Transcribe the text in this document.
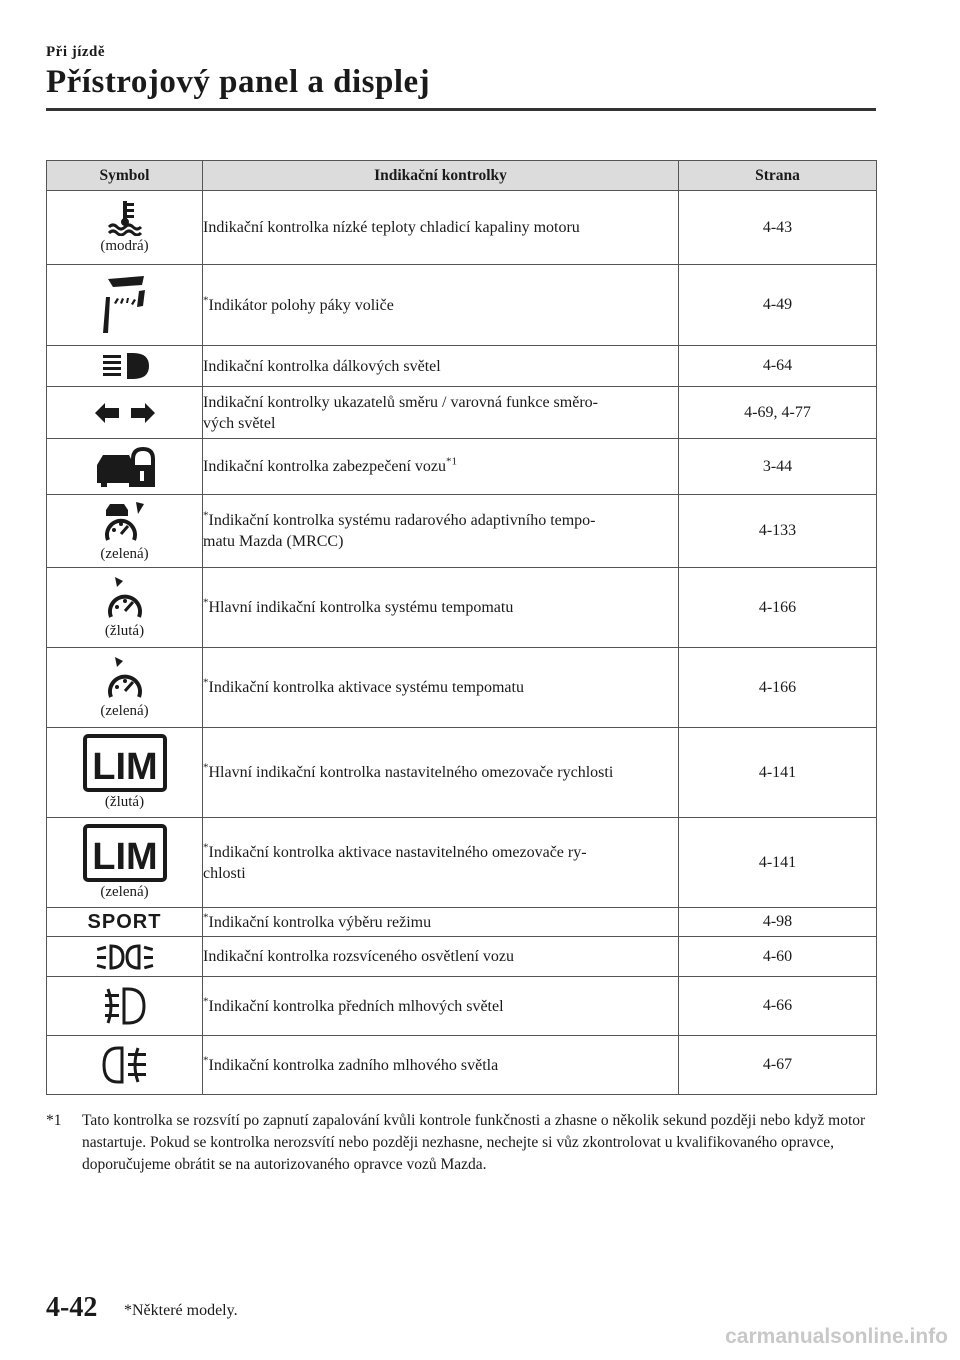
Při jízdě
Přístrojový panel a displej
Symbol	Indikační kontrolky	Strana

(modrá)	Indikační kontrolka nízké teploty chladicí kapaliny motoru	4-43

	*Indikátor polohy páky voliče	4-49

	Indikační kontrolka dálkových světel	4-64

	Indikační kontrolky ukazatelů směru / varovná funkce směro-
vých světel	4-69, 4-77

	Indikační kontrolka zabezpečení vozu$^{*1}$	3-44

(zelená)	*Indikační kontrolka systému radarového adaptivního tempo-
matu Mazda (MRCC)	4-133

(žlutá)	*Hlavní indikační kontrolka systému tempomatu	4-166

(zelená)	*Indikační kontrolka aktivace systému tempomatu	4-166

LIM
(žlutá)	*Hlavní indikační kontrolka nastavitelného omezovače rychlosti	4-141

LIM
(zelená)	*Indikační kontrolka aktivace nastavitelného omezovače ry-
chlosti	4-141
SPORT	*Indikační kontrolka výběru režimu	4-98

	Indikační kontrolka rozsvíceného osvětlení vozu	4-60

	*Indikační kontrolka předních mlhových světel	4-66

	*Indikační kontrolka zadního mlhového světla	4-67
*1 Tato kontrolka se rozsvítí po zapnutí zapalování kvůli kontrole funkčnosti a zhasne o několik sekund později nebo když motor nastartuje. Pokud se kontrolka nerozsvítí nebo později nezhasne, nechejte si vůz zkontrolovat u kvalifikovaného opravce, doporučujeme obrátit se na autorizovaného opravce vozů Mazda.
4-42 *Některé modely.
carmanualsonline.info
